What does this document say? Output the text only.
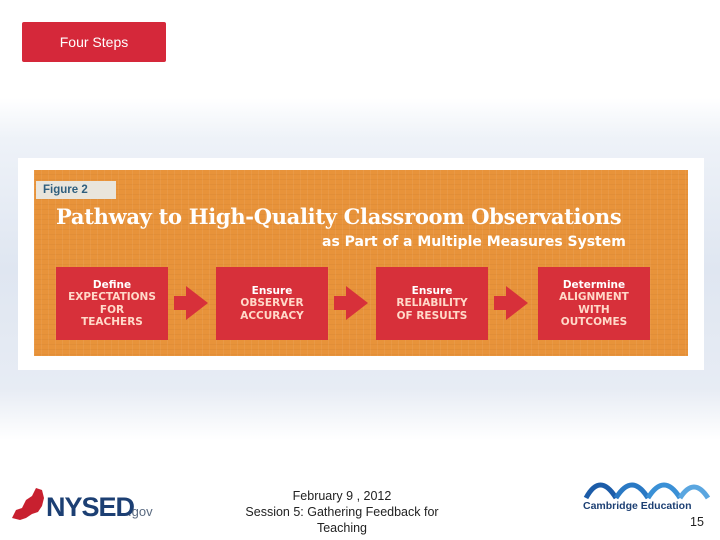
Four Steps
Figure 2
Pathway to High-Quality Classroom Observations
as Part of a Multiple Measures System
Define
EXPECTATIONS
FOR
TEACHERS
Ensure
OBSERVER
ACCURACY
Ensure
RELIABILITY
OF RESULTS
Determine
ALIGNMENT
WITH
OUTCOMES
NYSED
.gov
February 9 , 2012
Session 5: Gathering Feedback for
Teaching
Cambridge Education
15
